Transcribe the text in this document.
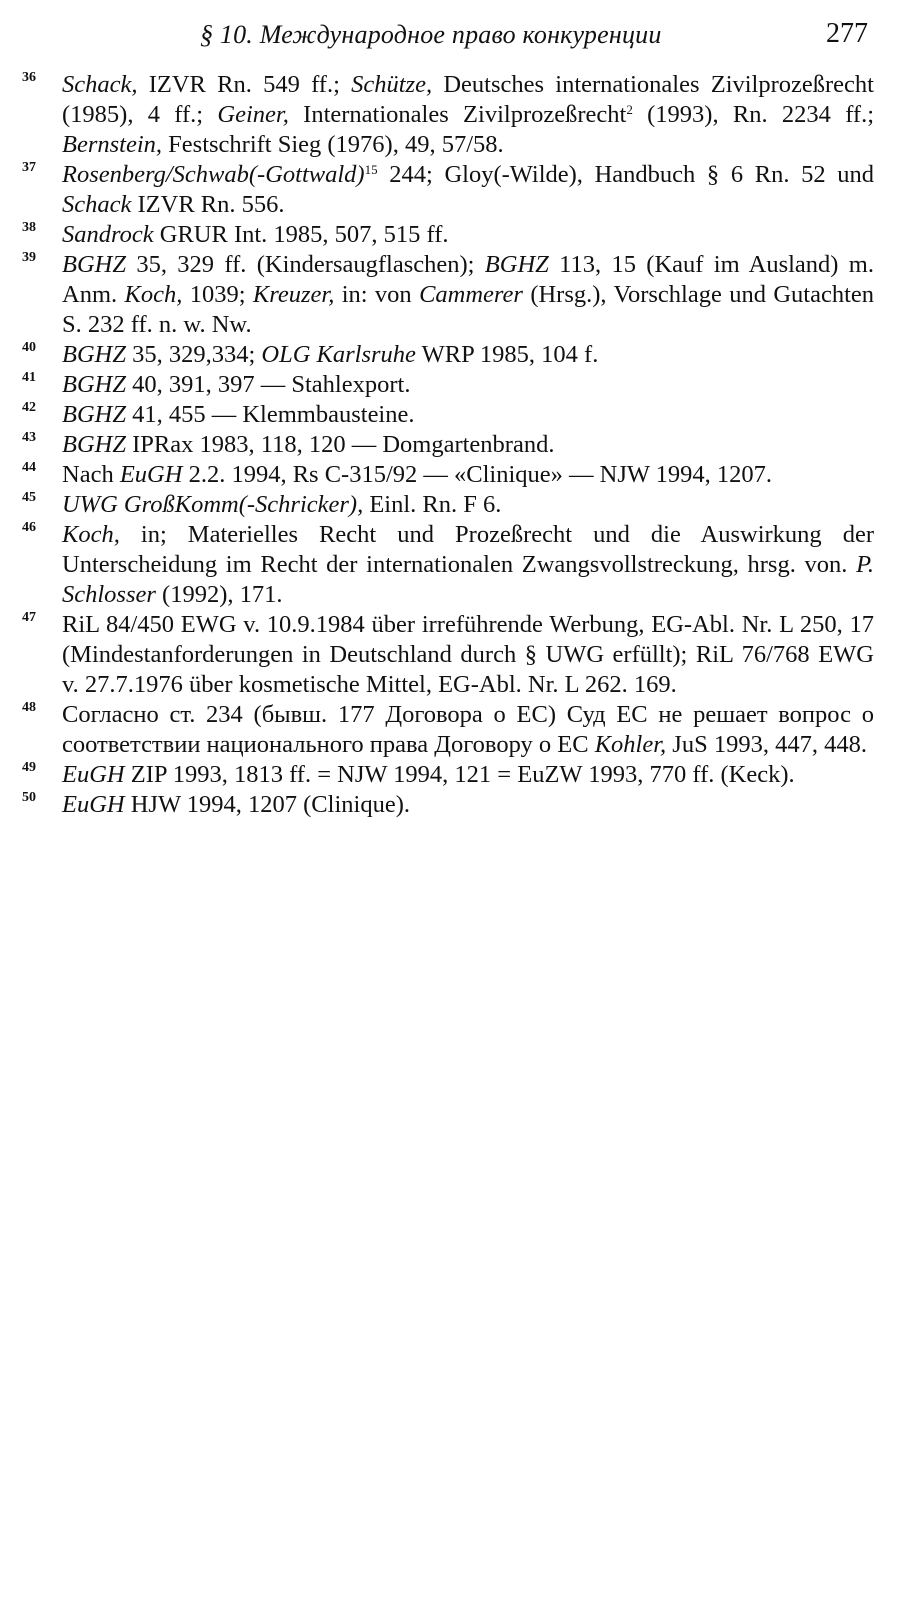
§ 10. Международное право конкуренции	277
36	Schack, IZVR Rn. 549 ff.; Schütze, Deutsches internationales Zivilprozeßrecht (1985), 4 ff.; Geiner, Internationales Zivilprozeßrecht$^2$ (1993), Rn. 2234 ff.; Bernstein, Festschrift Sieg (1976), 49, 57/58.

37	Rosenberg/Schwab(-Gottwald)$^{15}$ 244; Gloy(-Wilde), Handbuch § 6 Rn. 52 und Schack IZVR Rn. 556.

38	Sandrock GRUR Int. 1985, 507, 515 ff.

39	BGHZ 35, 329 ff. (Kindersaugflaschen); BGHZ 113, 15 (Kauf im Ausland) m. Anm. Koch, 1039; Kreuzer, in: von Cammerer (Hrsg.), Vorschlage und Gutachten S. 232 ff. n. w. Nw.

40	BGHZ 35, 329,334; OLG Karlsruhe WRP 1985, 104 f.

41	BGHZ 40, 391, 397 — Stahlexport.

42	BGHZ 41, 455 — Klemmbausteine.

43	BGHZ IPRax 1983, 118, 120 — Domgartenbrand.

44	Nach EuGH 2.2. 1994, Rs C-315/92 — «Clinique» — NJW 1994, 1207.

45	UWG GroßKomm(-Schricker), Einl. Rn. F 6.

46	Koch, in; Materielles Recht und Prozeßrecht und die Auswirkung der Unterscheidung im Recht der internationalen Zwangsvollstreckung, hrsg. von. P. Schlosser (1992), 171.

47	RiL 84/450 EWG v. 10.9.1984 über irreführende Werbung, EG-Abl. Nr. L 250, 17 (Mindestanforderungen in Deutschland durch § UWG erfüllt); RiL 76/768 EWG v. 27.7.1976 über kosmetische Mittel, EG-Abl. Nr. L 262. 169.

48	Согласно ст. 234 (бывш. 177 Договора о ЕС) Суд ЕС не решает вопрос о соответствии национального права Договору о ЕС Kohler, JuS 1993, 447, 448.

49	EuGH ZIP 1993, 1813 ff. = NJW 1994, 121 = EuZW 1993, 770 ff. (Keck).

50	EuGH HJW 1994, 1207 (Clinique).
